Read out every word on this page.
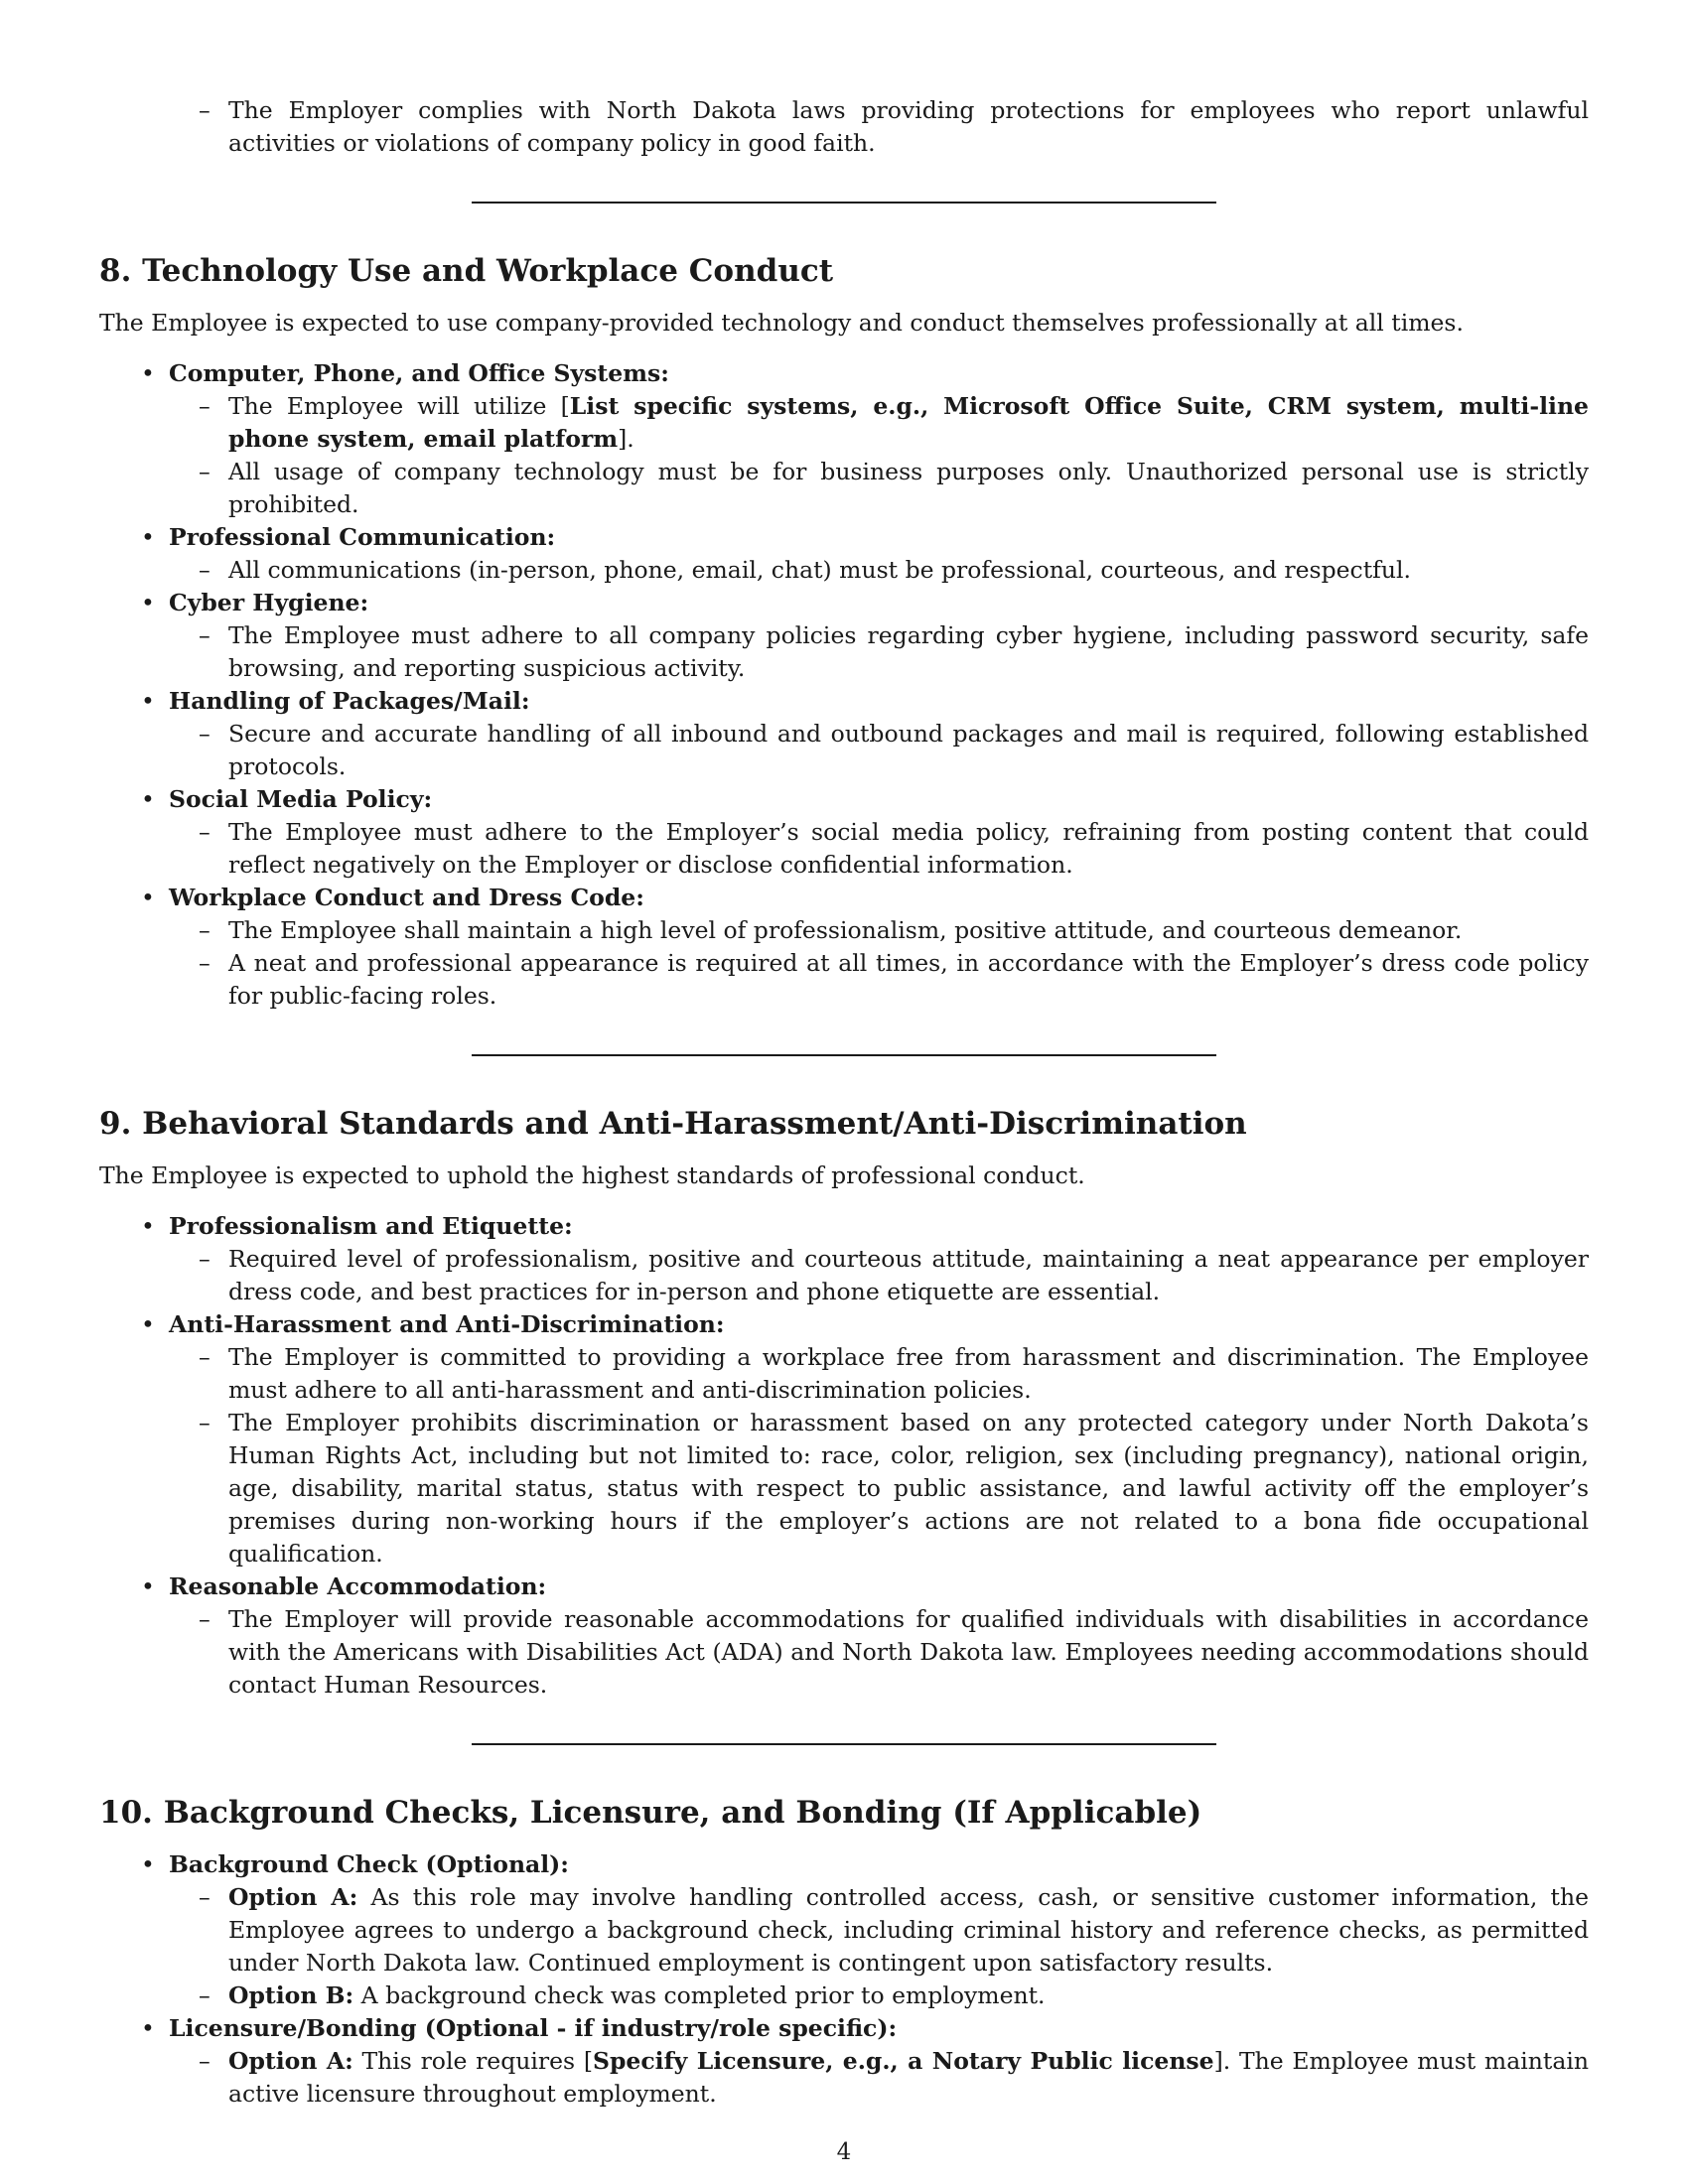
– The Employer complies with North Dakota laws providing protections for employees who report unlawful activities or violations of company policy in good faith.
8. Technology Use and Workplace Conduct

The Employee is expected to use company-provided technology and conduct themselves professionally at all times.

• Computer, Phone, and Office Systems:
– The Employee will utilize [List specific systems, e.g., Microsoft Office Suite, CRM system, multi-line phone system, email platform].
– All usage of company technology must be for business purposes only. Unauthorized personal use is strictly prohibited.
• Professional Communication:
– All communications (in-person, phone, email, chat) must be professional, courteous, and respectful.
• Cyber Hygiene:
– The Employee must adhere to all company policies regarding cyber hygiene, including password security, safe browsing, and reporting suspicious activity.
• Handling of Packages/Mail:
– Secure and accurate handling of all inbound and outbound packages and mail is required, following established protocols.
• Social Media Policy:
– The Employee must adhere to the Employer’s social media policy, refraining from posting content that could reflect negatively on the Employer or disclose confidential information.
• Workplace Conduct and Dress Code:
– The Employee shall maintain a high level of professionalism, positive attitude, and courteous demeanor.
– A neat and professional appearance is required at all times, in accordance with the Employer’s dress code policy for public-facing roles.
9. Behavioral Standards and Anti-Harassment/Anti-Discrimination

The Employee is expected to uphold the highest standards of professional conduct.

• Professionalism and Etiquette:
– Required level of professionalism, positive and courteous attitude, maintaining a neat appearance per employer dress code, and best practices for in-person and phone etiquette are essential.
• Anti-Harassment and Anti-Discrimination:
– The Employer is committed to providing a workplace free from harassment and discrimination. The Employee must adhere to all anti-harassment and anti-discrimination policies.
– The Employer prohibits discrimination or harassment based on any protected category under North Dakota’s Human Rights Act, including but not limited to: race, color, religion, sex (including pregnancy), national origin, age, disability, marital status, status with respect to public assistance, and lawful activity off the employer’s premises during non-working hours if the employer’s actions are not related to a bona fide occupational qualification.
• Reasonable Accommodation:
– The Employer will provide reasonable accommodations for qualified individuals with disabilities in accordance with the Americans with Disabilities Act (ADA) and North Dakota law. Employees needing accommodations should contact Human Resources.
10. Background Checks, Licensure, and Bonding (If Applicable)
• Background Check (Optional):
– Option A: As this role may involve handling controlled access, cash, or sensitive customer information, the Employee agrees to undergo a background check, including criminal history and reference checks, as permitted under North Dakota law. Continued employment is contingent upon satisfactory results.
– Option B: A background check was completed prior to employment.
• Licensure/Bonding (Optional - if industry/role specific):
– Option A: This role requires [Specify Licensure, e.g., a Notary Public license]. The Employee must maintain active licensure throughout employment.
4
